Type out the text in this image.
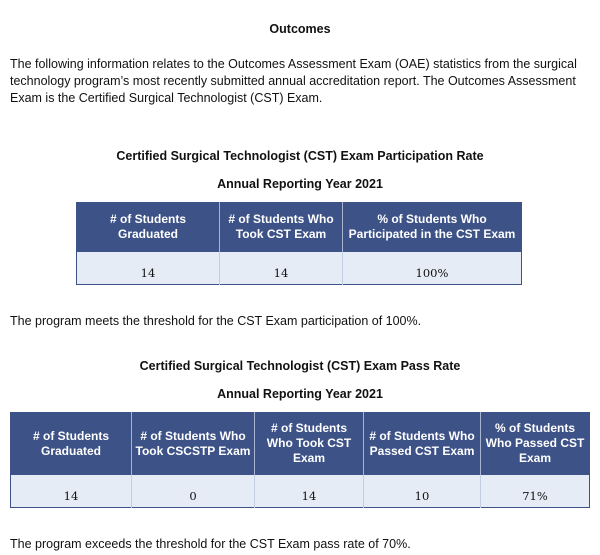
Outcomes
The following information relates to the Outcomes Assessment Exam (OAE) statistics from the surgical technology program’s most recently submitted annual accreditation report. The Outcomes Assessment Exam is the Certified Surgical Technologist (CST) Exam.
Certified Surgical Technologist (CST) Exam Participation Rate
Annual Reporting Year 2021
# of Students Graduated	# of Students Who Took CST Exam	% of Students Who Participated in the CST Exam
14	14	100%
The program meets the threshold for the CST Exam participation of 100%.
Certified Surgical Technologist (CST) Exam Pass Rate
Annual Reporting Year 2021
# of Students Graduated	# of Students Who Took CSCSTP Exam	# of Students Who Took CST Exam	# of Students Who Passed CST Exam	% of Students Who Passed CST Exam
14	0	14	10	71%
The program exceeds the threshold for the CST Exam pass rate of 70%.
